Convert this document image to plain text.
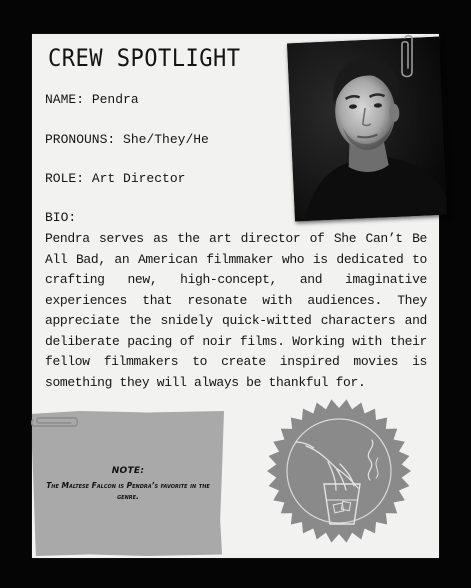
CREW SPOTLIGHT
NAME: Pendra
PRONOUNS: She/They/He
ROLE: Art Director
BIO:

Pendra serves as the art director of She Can’t Be All Bad, an American filmmaker who is dedicated to crafting new, high-concept, and imaginative experiences that resonate with audiences. They appreciate the snidely quick-witted characters and deliberate pacing of noir films. Working with their fellow filmmakers to create inspired movies is something they will always be thankful for.

NOTE:
The Maltese Falcon is Pendra’s favorite in the genre.
